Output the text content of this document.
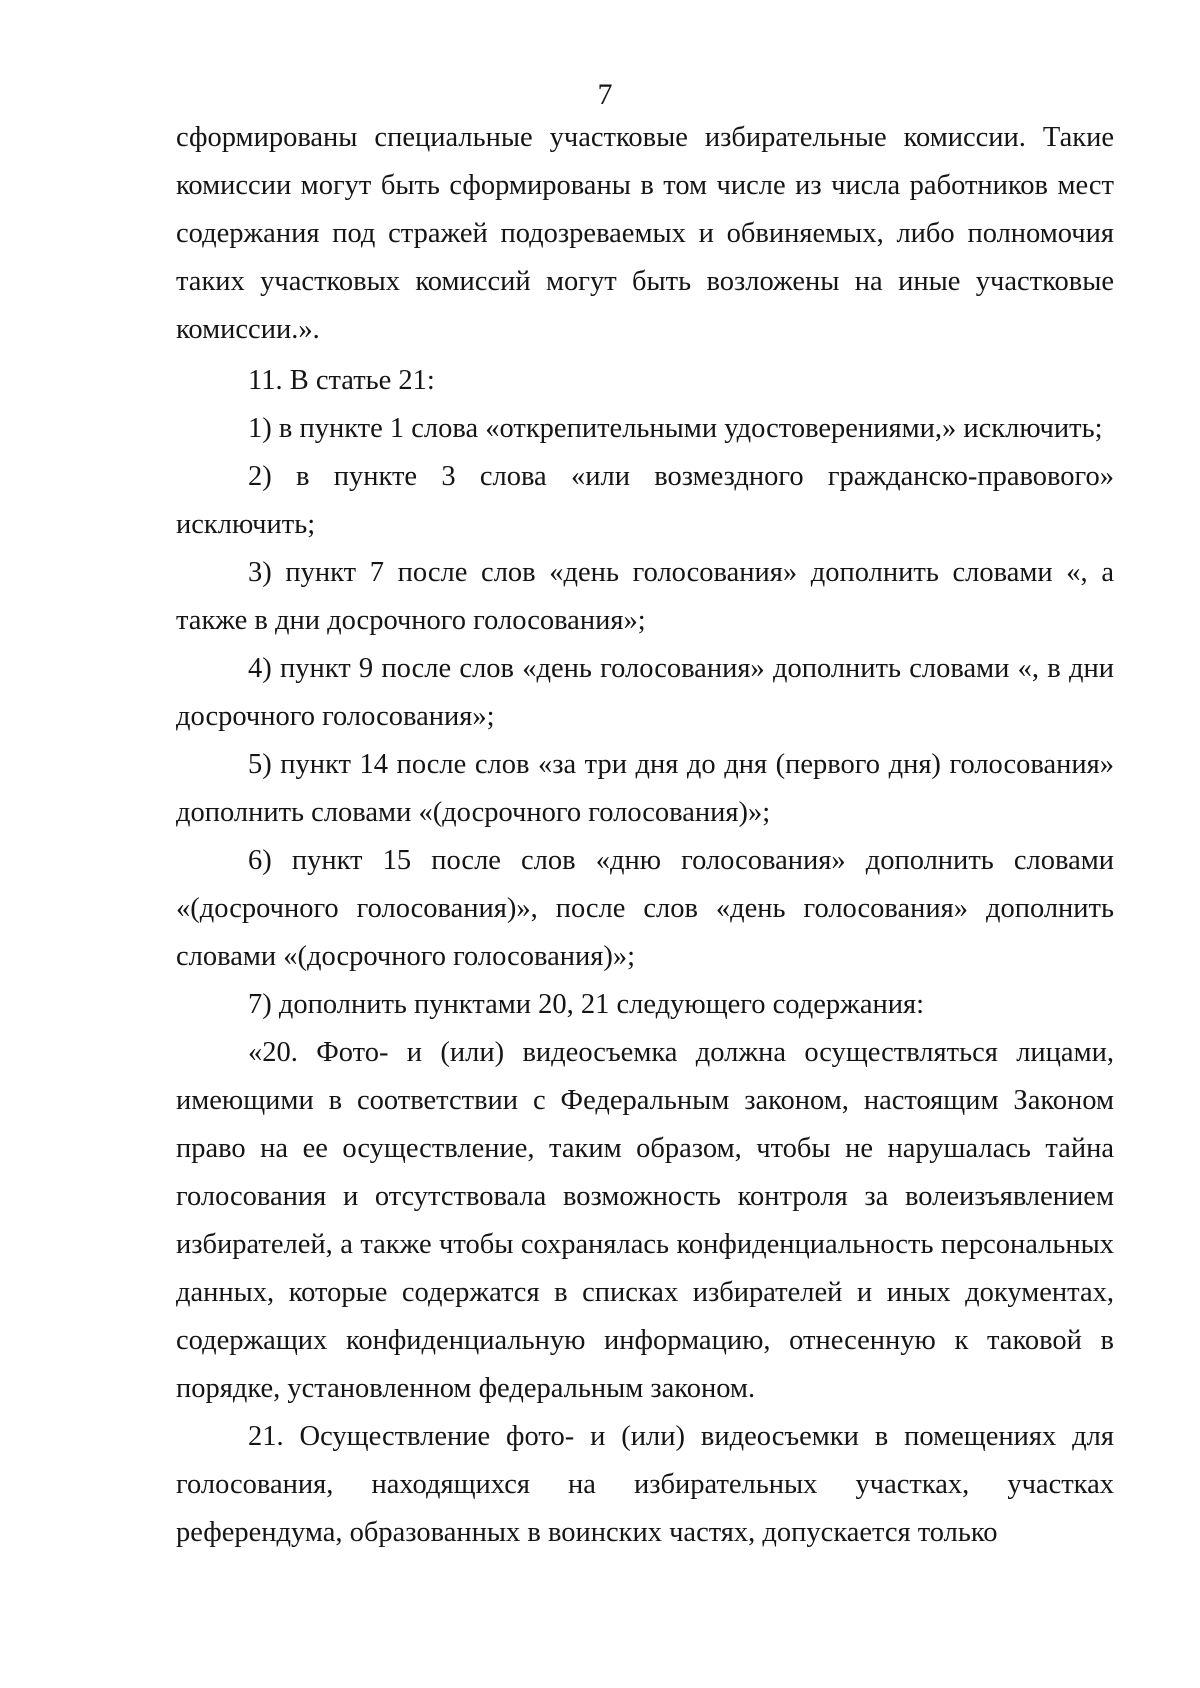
7

сформированы специальные участковые избирательные комиссии. Такие комиссии могут быть сформированы в том числе из числа работников мест содержания под стражей подозреваемых и обвиняемых, либо полномочия таких участковых комиссий могут быть возложены на иные участковые комиссии.».

11. В статье 21:

1) в пункте 1 слова «открепительными удостоверениями,» исключить;

2) в пункте 3 слова «или возмездного гражданско-правового» исключить;

3) пункт 7 после слов «день голосования» дополнить словами «, а также в дни досрочного голосования»;

4) пункт 9 после слов «день голосования» дополнить словами «, в дни досрочного голосования»;

5) пункт 14 после слов «за три дня до дня (первого дня) голосования» дополнить словами «(досрочного голосования)»;

6) пункт 15 после слов «дню голосования» дополнить словами «(досрочного голосования)», после слов «день голосования» дополнить словами «(досрочного голосования)»;

7) дополнить пунктами 20, 21 следующего содержания:

«20. Фото- и (или) видеосъемка должна осуществляться лицами, имеющими в соответствии с Федеральным законом, настоящим Законом право на ее осуществление, таким образом, чтобы не нарушалась тайна голосования и отсутствовала возможность контроля за волеизъявлением избирателей, а также чтобы сохранялась конфиденциальность персональных данных, которые содержатся в списках избирателей и иных документах, содержащих конфиденциальную информацию, отнесенную к таковой в порядке, установленном федеральным законом.

21. Осуществление фото- и (или) видеосъемки в помещениях для голосования, находящихся на избирательных участках, участках референдума, образованных в воинских частях, допускается только
